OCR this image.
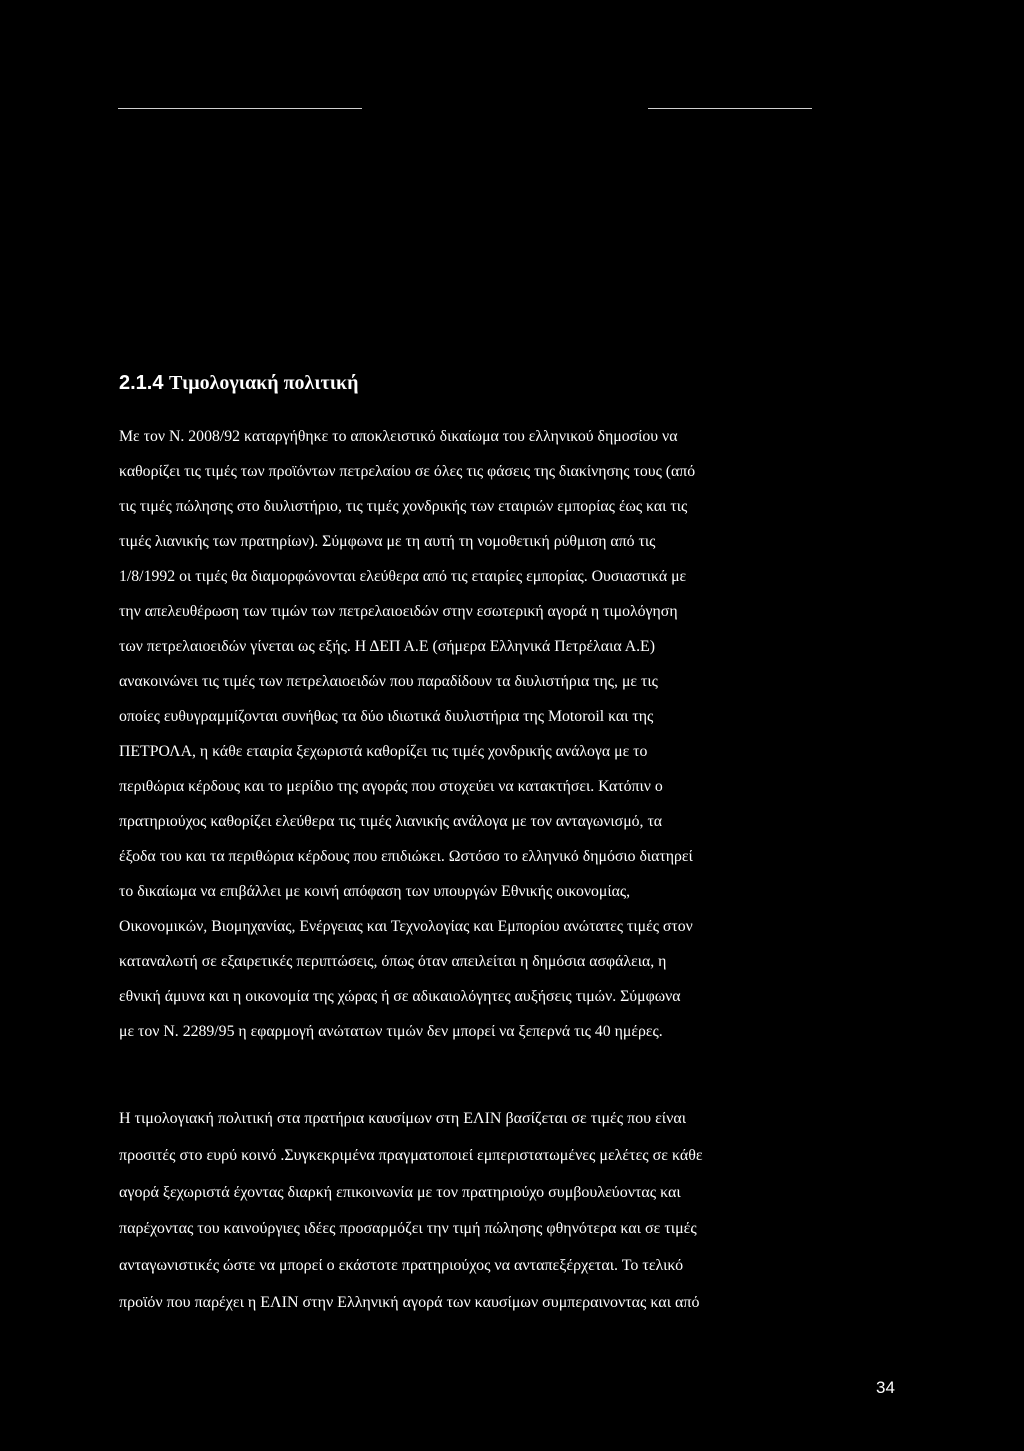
2.1.4 Τιμολογιακή πολιτική
Με τον Ν. 2008/92 καταργήθηκε το αποκλειστικό δικαίωμα του ελληνικού δημοσίου να
καθορίζει τις τιμές των προϊόντων πετρελαίου σε όλες τις φάσεις της διακίνησης τους (από
τις τιμές πώλησης στο διυλιστήριο, τις τιμές χονδρικής των εταιριών εμπορίας έως και τις
τιμές λιανικής των πρατηρίων). Σύμφωνα με τη αυτή τη νομοθετική ρύθμιση από τις
1/8/1992 οι τιμές θα διαμορφώνονται ελεύθερα από τις εταιρίες εμπορίας. Ουσιαστικά με
την απελευθέρωση των τιμών των πετρελαιοειδών στην εσωτερική αγορά η τιμολόγηση
των πετρελαιοειδών γίνεται ως εξής. Η ΔΕΠ Α.Ε (σήμερα Ελληνικά Πετρέλαια Α.Ε)
ανακοινώνει τις τιμές των πετρελαιοειδών που παραδίδουν τα διυλιστήρια της, με τις
οποίες ευθυγραμμίζονται συνήθως τα δύο ιδιωτικά διυλιστήρια της Motoroil και της
ΠΕΤΡΟΛΑ, η κάθε εταιρία ξεχωριστά καθορίζει τις τιμές χονδρικής ανάλογα με το
περιθώρια κέρδους και το μερίδιο της αγοράς που στοχεύει να κατακτήσει. Κατόπιν ο
πρατηριούχος καθορίζει ελεύθερα τις τιμές λιανικής ανάλογα με τον ανταγωνισμό, τα
έξοδα του και τα περιθώρια κέρδους που επιδιώκει. Ωστόσο το ελληνικό δημόσιο διατηρεί
το δικαίωμα να επιβάλλει με κοινή απόφαση των υπουργών Εθνικής οικονομίας,
Οικονομικών, Βιομηχανίας, Ενέργειας και Τεχνολογίας και Εμπορίου ανώτατες τιμές στον
καταναλωτή σε εξαιρετικές περιπτώσεις, όπως όταν απειλείται η δημόσια ασφάλεια, η
εθνική άμυνα και η οικονομία της χώρας ή σε αδικαιολόγητες αυξήσεις τιμών. Σύμφωνα
με τον Ν. 2289/95 η εφαρμογή ανώτατων τιμών δεν μπορεί να ξεπερνά τις 40 ημέρες.
Η τιμολογιακή πολιτική στα πρατήρια καυσίμων στη ΕΛΙΝ βασίζεται σε τιμές που είναι
προσιτές στο ευρύ κοινό .Συγκεκριμένα πραγματοποιεί εμπεριστατωμένες μελέτες σε κάθε
αγορά ξεχωριστά έχοντας διαρκή επικοινωνία με τον πρατηριούχο συμβουλεύοντας και
παρέχοντας του καινούργιες ιδέες προσαρμόζει την τιμή πώλησης φθηνότερα και σε τιμές
ανταγωνιστικές ώστε να μπορεί ο εκάστοτε πρατηριούχος να ανταπεξέρχεται. Το τελικό
προϊόν που παρέχει η ΕΛΙΝ στην Ελληνική αγορά των καυσίμων συμπεραινοντας και από
34
